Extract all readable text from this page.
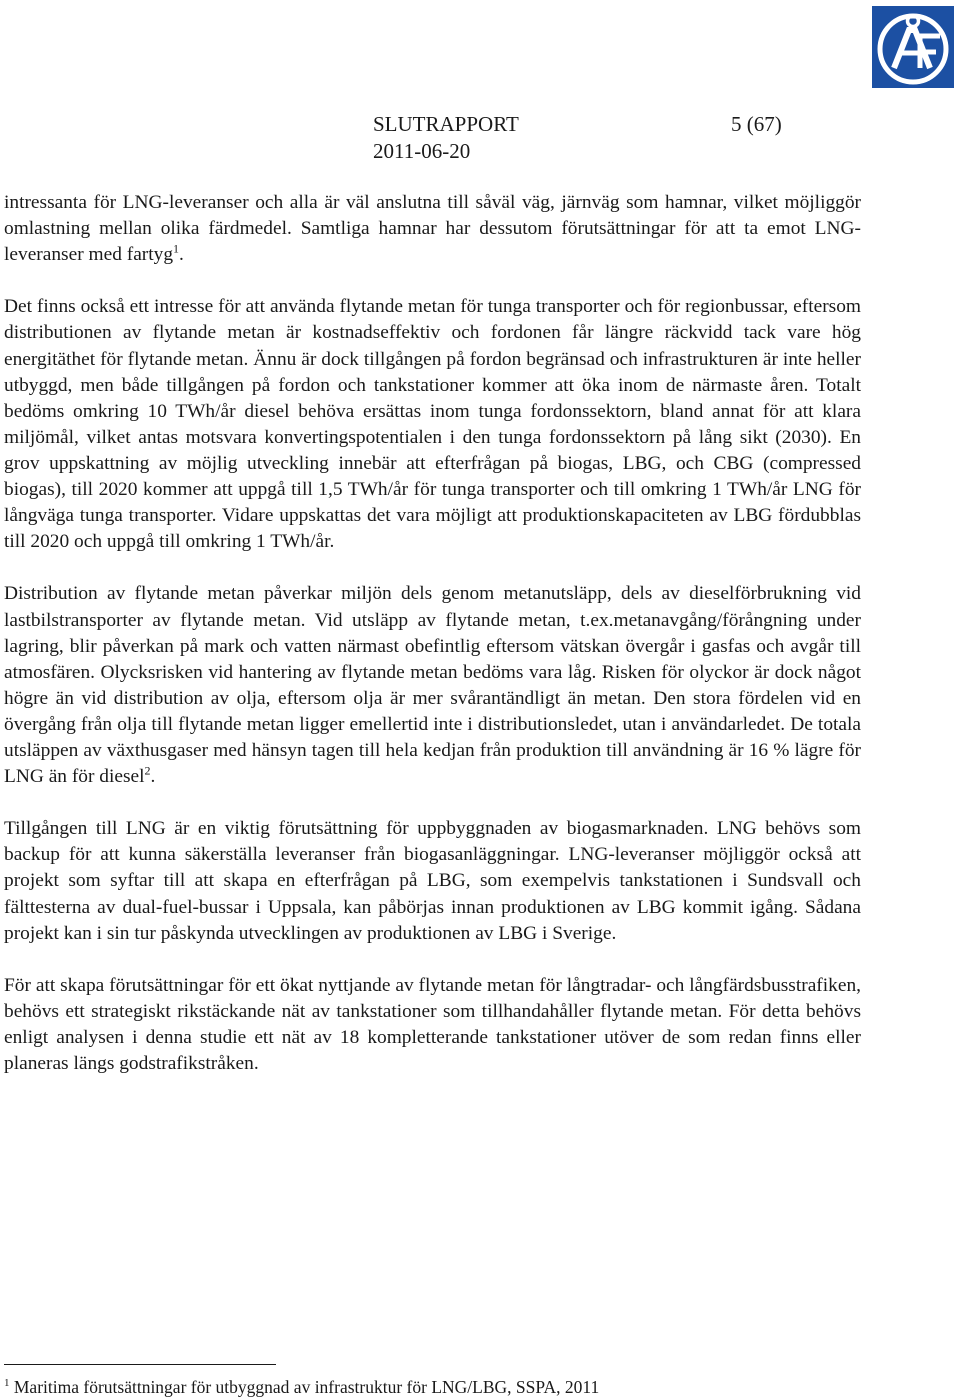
SLUTRAPPORT	5 (67)
2011-06-20

intressanta för LNG-leveranser och alla är väl anslutna till såväl väg, järnväg som hamnar, vilket möjliggör omlastning mellan olika färdmedel. Samtliga hamnar har dessutom förutsättningar för att ta emot LNG-leveranser med fartyg$^1$.

Det finns också ett intresse för att använda flytande metan för tunga transporter och för regionbussar, eftersom distributionen av flytande metan är kostnadseffektiv och fordonen får längre räckvidd tack vare hög energitäthet för flytande metan. Ännu är dock tillgången på fordon begränsad och infrastrukturen är inte heller utbyggd, men både tillgången på fordon och tankstationer kommer att öka inom de närmaste åren. Totalt bedöms omkring 10 TWh/år diesel behöva ersättas inom tunga fordonssektorn, bland annat för att klara miljömål, vilket antas motsvara konvertingspotentialen i den tunga fordonssektorn på lång sikt (2030). En grov uppskattning av möjlig utveckling innebär att efterfrågan på biogas, LBG, och CBG (compressed biogas), till 2020 kommer att uppgå till 1,5 TWh/år för tunga transporter och till omkring 1 TWh/år LNG för långväga tunga transporter. Vidare uppskattas det vara möjligt att produktionskapaciteten av LBG fördubblas till 2020 och uppgå till omkring 1 TWh/år.

Distribution av flytande metan påverkar miljön dels genom metanutsläpp, dels av dieselförbrukning vid lastbilstransporter av flytande metan. Vid utsläpp av flytande metan, t.ex.metanavgång/förångning under lagring, blir påverkan på mark och vatten närmast obefintlig eftersom vätskan övergår i gasfas och avgår till atmosfären. Olycksrisken vid hantering av flytande metan bedöms vara låg. Risken för olyckor är dock något högre än vid distribution av olja, eftersom olja är mer svårantändligt än metan. Den stora fördelen vid en övergång från olja till flytande metan ligger emellertid inte i distributionsledet, utan i användarledet. De totala utsläppen av växthusgaser med hänsyn tagen till hela kedjan från produktion till användning är 16 % lägre för LNG än för diesel$^2$.

Tillgången till LNG är en viktig förutsättning för uppbyggnaden av biogasmarknaden. LNG behövs som backup för att kunna säkerställa leveranser från biogasanläggningar. LNG-leveranser möjliggör också att projekt som syftar till att skapa en efterfrågan på LBG, som exempelvis tankstationen i Sundsvall och fälttesterna av dual-fuel-bussar i Uppsala, kan påbörjas innan produktionen av LBG kommit igång. Sådana projekt kan i sin tur påskynda utvecklingen av produktionen av LBG i Sverige.

För att skapa förutsättningar för ett ökat nyttjande av flytande metan för långtradar- och långfärdsbusstrafiken, behövs ett strategiskt rikstäckande nät av tankstationer som tillhandahåller flytande metan. För detta behövs enligt analysen i denna studie ett nät av 18 kompletterande tankstationer utöver de som redan finns eller planeras längs godstrafikstråken.

$^1$ Maritima förutsättningar för utbyggnad av infrastruktur för LNG/LBG, SSPA, 2011
